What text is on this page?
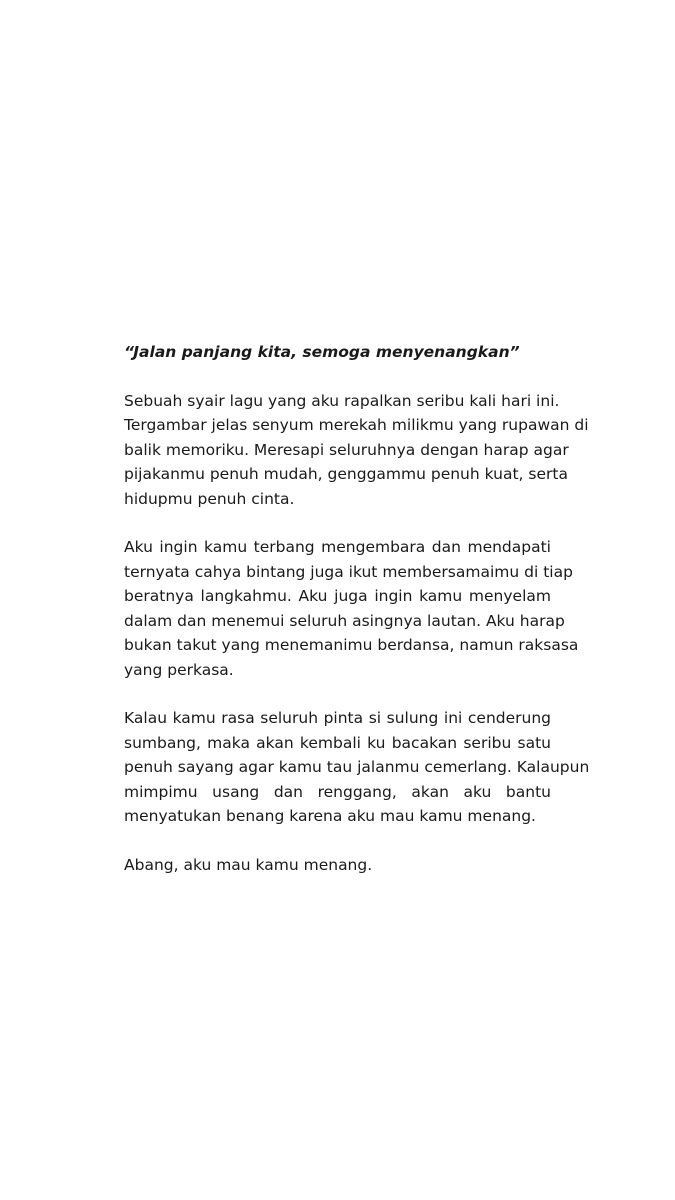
“Jalan panjang kita, semoga menyenangkan”

Sebuah syair lagu yang aku rapalkan seribu kali hari ini.
Tergambar jelas senyum merekah milikmu yang rupawan di
balik memoriku. Meresapi seluruhnya dengan harap agar
pijakanmu penuh mudah, genggammu penuh kuat, serta
hidupmu penuh cinta.

Aku ingin kamu terbang mengembara dan mendapati
ternyata cahya bintang juga ikut membersamaimu di tiap
beratnya langkahmu. Aku juga ingin kamu menyelam
dalam dan menemui seluruh asingnya lautan. Aku harap
bukan takut yang menemanimu berdansa, namun raksasa
yang perkasa.

Kalau kamu rasa seluruh pinta si sulung ini cenderung
sumbang, maka akan kembali ku bacakan seribu satu
penuh sayang agar kamu tau jalanmu cemerlang. Kalaupun
mimpimu usang dan renggang, akan aku bantu
menyatukan benang karena aku mau kamu menang.

Abang, aku mau kamu menang.
